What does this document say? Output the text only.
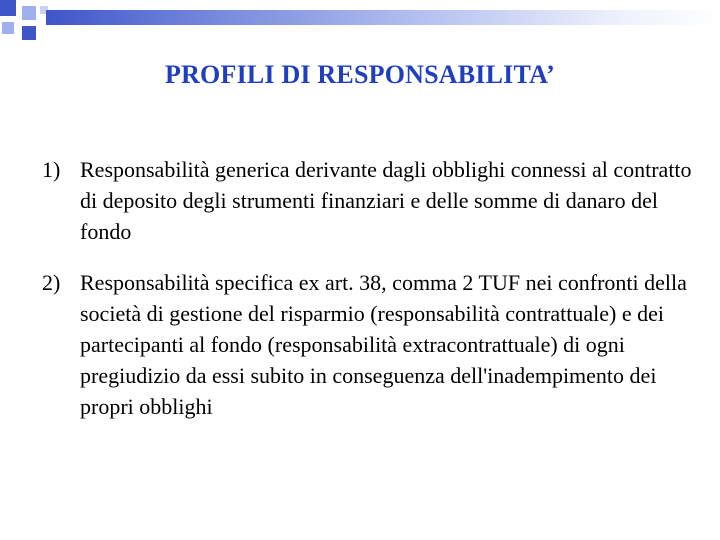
PROFILI DI RESPONSABILITA’
1) Responsabilità generica derivante dagli obblighi connessi al contratto di deposito degli strumenti finanziari e delle somme di danaro del fondo
2) Responsabilità specifica ex art. 38, comma 2 TUF nei confronti della società di gestione del risparmio (responsabilità contrattuale) e dei partecipanti al fondo (responsabilità extracontrattuale) di ogni pregiudizio da essi subito in conseguenza dell'inadempimento dei propri obblighi
